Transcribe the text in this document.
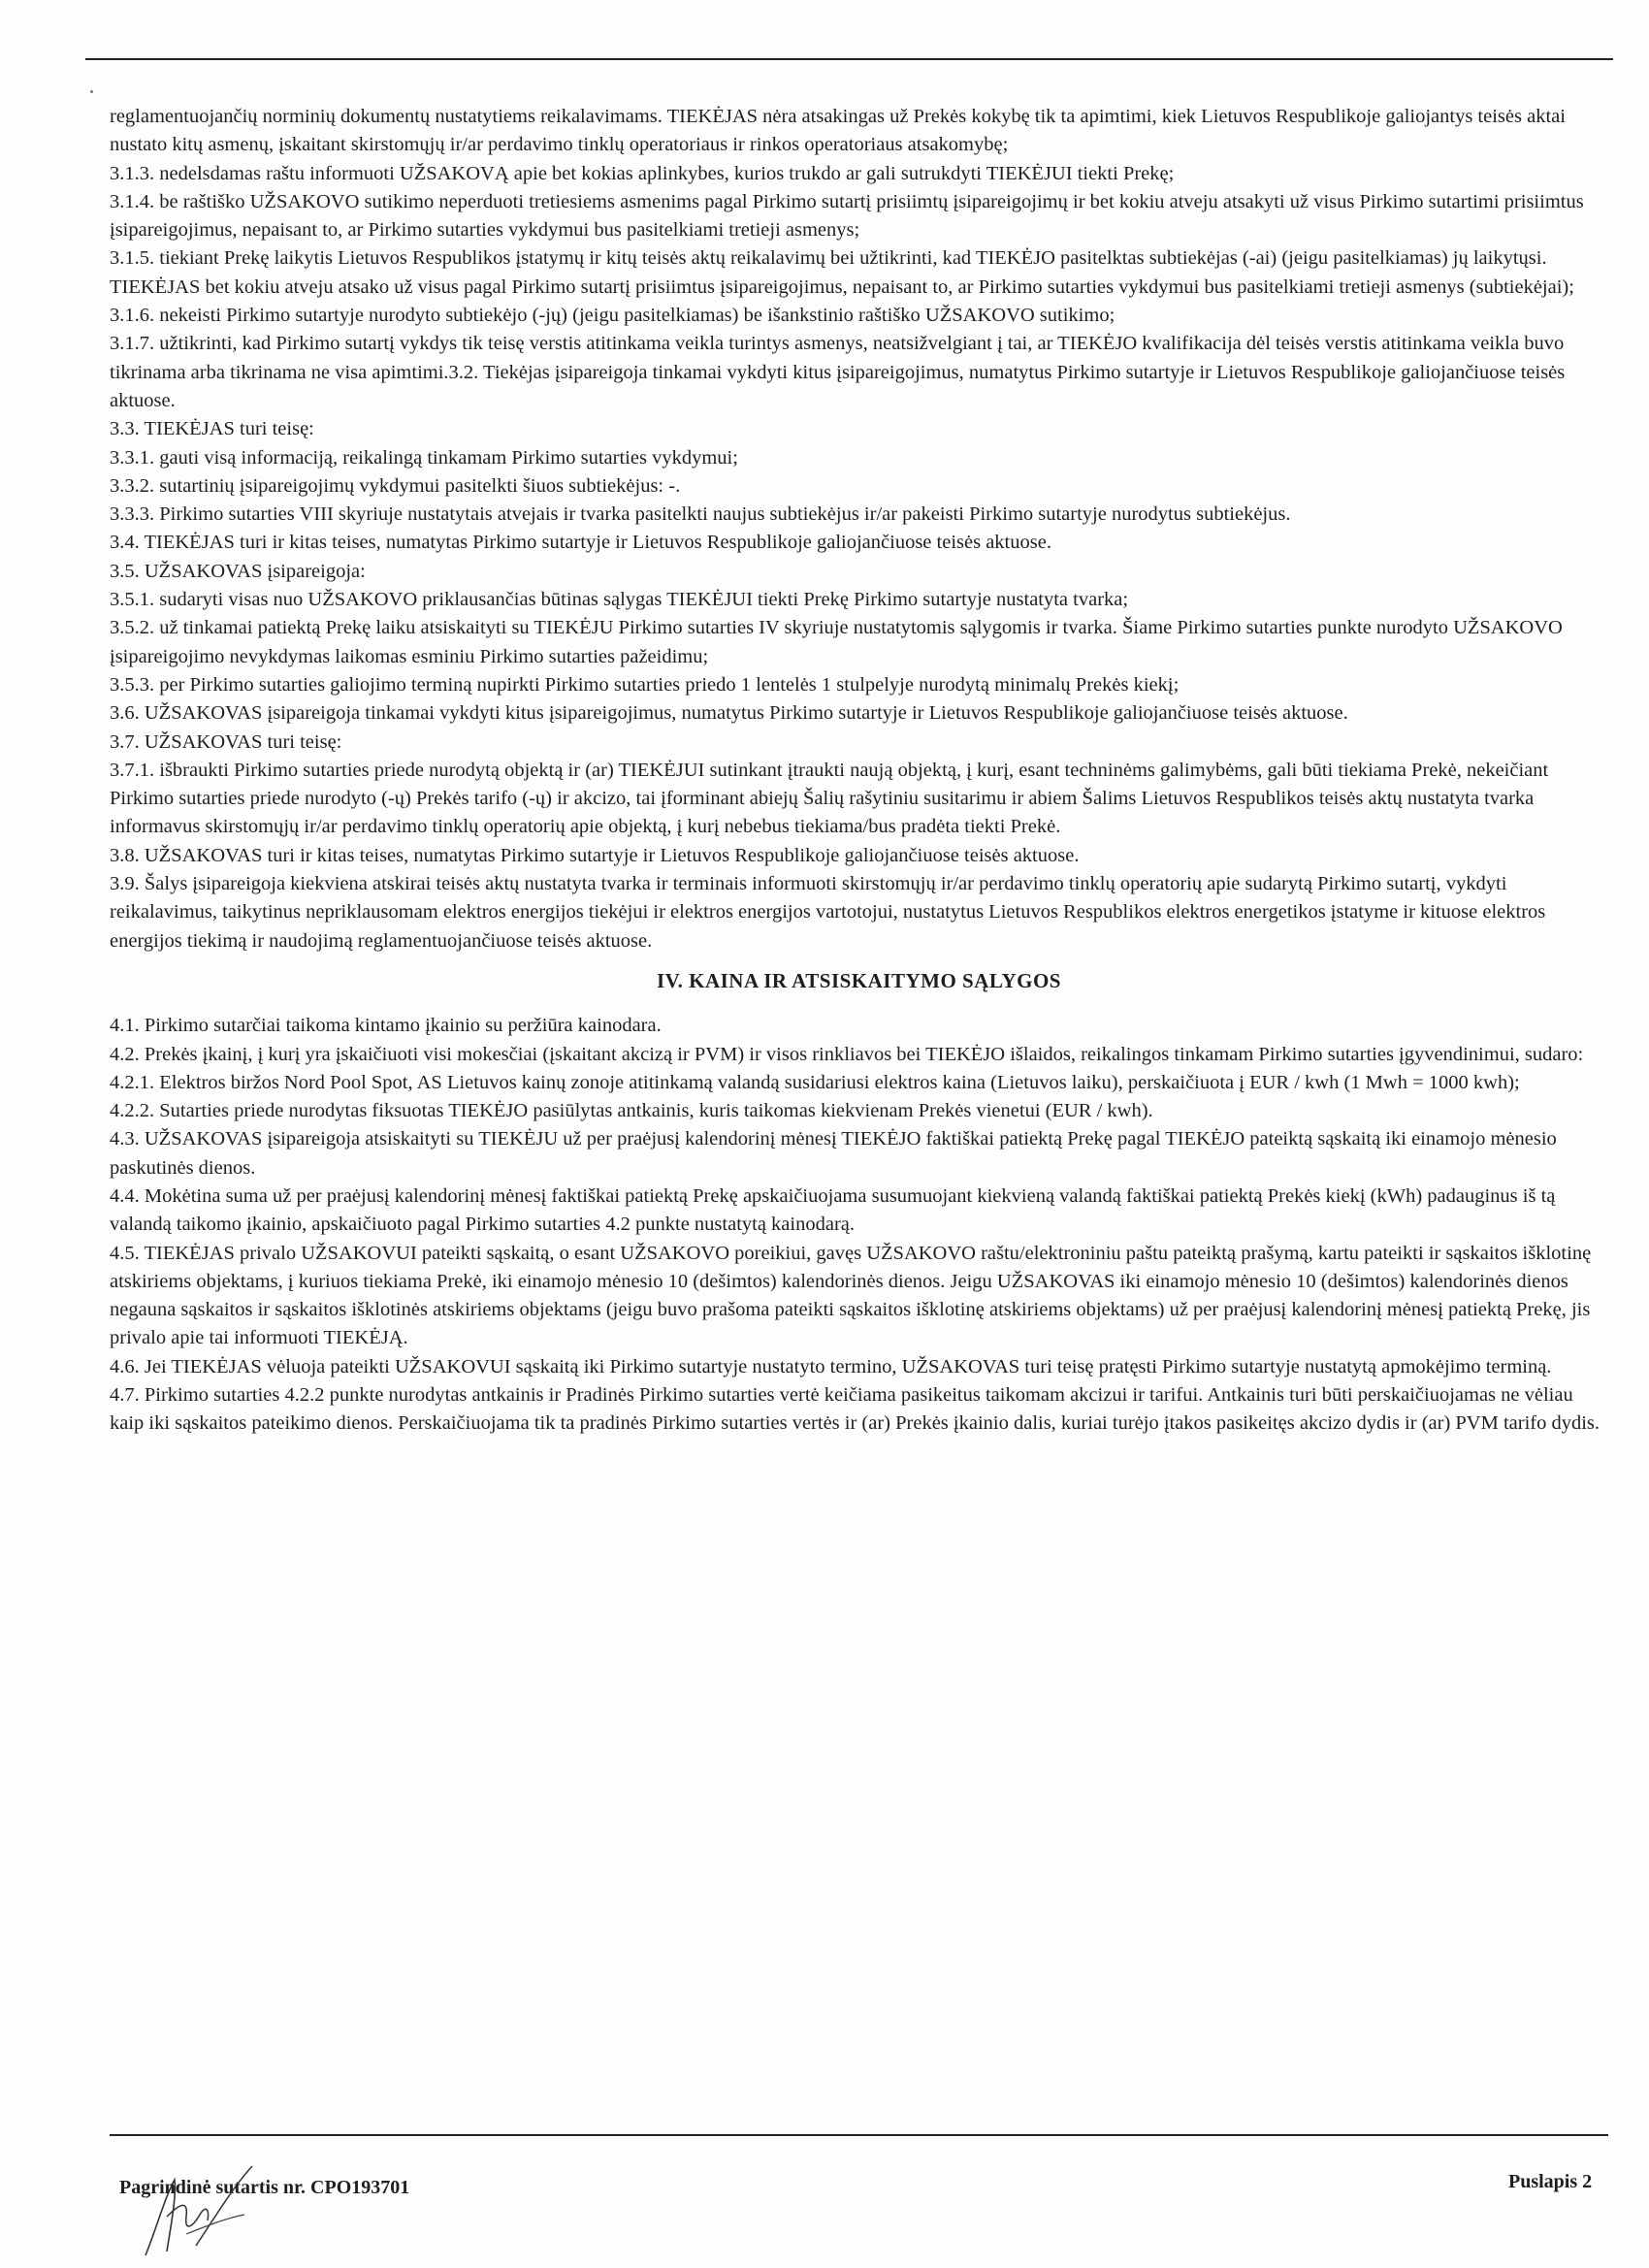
reglamentuojančių norminių dokumentų nustatytiems reikalavimams. TIEKĖJAS nėra atsakingas už Prekės kokybę tik ta apimtimi, kiek Lietuvos Respublikoje galiojantys teisės aktai nustato kitų asmenų, įskaitant skirstomųjų ir/ar perdavimo tinklų operatoriaus ir rinkos operatoriaus atsakomybę;

3.1.3. nedelsdamas raštu informuoti UŽSAKOVĄ apie bet kokias aplinkybes, kurios trukdo ar gali sutrukdyti TIEKĖJUI tiekti Prekę;

3.1.4. be raštiško UŽSAKOVO sutikimo neperduoti tretiesiems asmenims pagal Pirkimo sutartį prisiimtų įsipareigojimų ir bet kokiu atveju atsakyti už visus Pirkimo sutartimi prisiimtus įsipareigojimus, nepaisant to, ar Pirkimo sutarties vykdymui bus pasitelkiami tretieji asmenys;

3.1.5. tiekiant Prekę laikytis Lietuvos Respublikos įstatymų ir kitų teisės aktų reikalavimų bei užtikrinti, kad TIEKĖJO pasitelktas subtiekėjas (-ai) (jeigu pasitelkiamas) jų laikytųsi. TIEKĖJAS bet kokiu atveju atsako už visus pagal Pirkimo sutartį prisiimtus įsipareigojimus, nepaisant to, ar Pirkimo sutarties vykdymui bus pasitelkiami tretieji asmenys (subtiekėjai);

3.1.6. nekeisti Pirkimo sutartyje nurodyto subtiekėjo (-jų) (jeigu pasitelkiamas) be išankstinio raštiško UŽSAKOVO sutikimo;

3.1.7. užtikrinti, kad Pirkimo sutartį vykdys tik teisę verstis atitinkama veikla turintys asmenys, neatsižvelgiant į tai, ar TIEKĖJO kvalifikacija dėl teisės verstis atitinkama veikla buvo tikrinama arba tikrinama ne visa apimtimi.3.2. Tiekėjas įsipareigoja tinkamai vykdyti kitus įsipareigojimus, numatytus Pirkimo sutartyje ir Lietuvos Respublikoje galiojančiuose teisės aktuose.

3.3. TIEKĖJAS turi teisę:

3.3.1. gauti visą informaciją, reikalingą tinkamam Pirkimo sutarties vykdymui;

3.3.2. sutartinių įsipareigojimų vykdymui pasitelkti šiuos subtiekėjus: -.

3.3.3. Pirkimo sutarties VIII skyriuje nustatytais atvejais ir tvarka pasitelkti naujus subtiekėjus ir/ar pakeisti Pirkimo sutartyje nurodytus subtiekėjus.

3.4. TIEKĖJAS turi ir kitas teises, numatytas Pirkimo sutartyje ir Lietuvos Respublikoje galiojančiuose teisės aktuose.

3.5. UŽSAKOVAS įsipareigoja:

3.5.1. sudaryti visas nuo UŽSAKOVO priklausančias būtinas sąlygas TIEKĖJUI tiekti Prekę Pirkimo sutartyje nustatyta tvarka;

3.5.2. už tinkamai patiektą Prekę laiku atsiskaityti su TIEKĖJU Pirkimo sutarties IV skyriuje nustatytomis sąlygomis ir tvarka. Šiame Pirkimo sutarties punkte nurodyto UŽSAKOVO įsipareigojimo nevykdymas laikomas esminiu Pirkimo sutarties pažeidimu;

3.5.3. per Pirkimo sutarties galiojimo terminą nupirkti Pirkimo sutarties priedo 1 lentelės 1 stulpelyje nurodytą minimalų Prekės kiekį;

3.6. UŽSAKOVAS įsipareigoja tinkamai vykdyti kitus įsipareigojimus, numatytus Pirkimo sutartyje ir Lietuvos Respublikoje galiojančiuose teisės aktuose.

3.7. UŽSAKOVAS turi teisę:

3.7.1. išbraukti Pirkimo sutarties priede nurodytą objektą ir (ar) TIEKĖJUI sutinkant įtraukti naują objektą, į kurį, esant techninėms galimybėms, gali būti tiekiama Prekė, nekeičiant Pirkimo sutarties priede nurodyto (-ų) Prekės tarifo (-ų) ir akcizo, tai įforminant abiejų Šalių rašytiniu susitarimu ir abiem Šalims Lietuvos Respublikos teisės aktų nustatyta tvarka informavus skirstomųjų ir/ar perdavimo tinklų operatorių apie objektą, į kurį nebebus tiekiama/bus pradėta tiekti Prekė.

3.8. UŽSAKOVAS turi ir kitas teises, numatytas Pirkimo sutartyje ir Lietuvos Respublikoje galiojančiuose teisės aktuose.

3.9. Šalys įsipareigoja kiekviena atskirai teisės aktų nustatyta tvarka ir terminais informuoti skirstomųjų ir/ar perdavimo tinklų operatorių apie sudarytą Pirkimo sutartį, vykdyti reikalavimus, taikytinus nepriklausomam elektros energijos tiekėjui ir elektros energijos vartotojui, nustatytus Lietuvos Respublikos elektros energetikos įstatyme ir kituose elektros energijos tiekimą ir naudojimą reglamentuojančiuose teisės aktuose.

IV. KAINA IR ATSISKAITYMO SĄLYGOS

4.1. Pirkimo sutarčiai taikoma kintamo įkainio su peržiūra kainodara.

4.2. Prekės įkainį, į kurį yra įskaičiuoti visi mokesčiai (įskaitant akcizą ir PVM) ir visos rinkliavos bei TIEKĖJO išlaidos, reikalingos tinkamam Pirkimo sutarties įgyvendinimui, sudaro:

4.2.1. Elektros biržos Nord Pool Spot, AS Lietuvos kainų zonoje atitinkamą valandą susidariusi elektros kaina (Lietuvos laiku), perskaičiuota į EUR / kwh (1 Mwh = 1000 kwh);

4.2.2. Sutarties priede nurodytas fiksuotas TIEKĖJO pasiūlytas antkainis, kuris taikomas kiekvienam Prekės vienetui (EUR / kwh).

4.3. UŽSAKOVAS įsipareigoja atsiskaityti su TIEKĖJU už per praėjusį kalendorinį mėnesį TIEKĖJO faktiškai patiektą Prekę pagal TIEKĖJO pateiktą sąskaitą iki einamojo mėnesio paskutinės dienos.

4.4. Mokėtina suma už per praėjusį kalendorinį mėnesį faktiškai patiektą Prekę apskaičiuojama susumuojant kiekvieną valandą faktiškai patiektą Prekės kiekį (kWh) padauginus iš tą valandą taikomo įkainio, apskaičiuoto pagal Pirkimo sutarties 4.2 punkte nustatytą kainodarą.

4.5. TIEKĖJAS privalo UŽSAKOVUI pateikti sąskaitą, o esant UŽSAKOVO poreikiui, gavęs UŽSAKOVO raštu/elektroniniu paštu pateiktą prašymą, kartu pateikti ir sąskaitos išklotinę atskiriems objektams, į kuriuos tiekiama Prekė, iki einamojo mėnesio 10 (dešimtos) kalendorinės dienos. Jeigu UŽSAKOVAS iki einamojo mėnesio 10 (dešimtos) kalendorinės dienos negauna sąskaitos ir sąskaitos išklotinės atskiriems objektams (jeigu buvo prašoma pateikti sąskaitos išklotinę atskiriems objektams) už per praėjusį kalendorinį mėnesį patiektą Prekę, jis privalo apie tai informuoti TIEKĖJĄ.

4.6. Jei TIEKĖJAS vėluoja pateikti UŽSAKOVUI sąskaitą iki Pirkimo sutartyje nustatyto termino, UŽSAKOVAS turi teisę pratęsti Pirkimo sutartyje nustatytą apmokėjimo terminą.

4.7. Pirkimo sutarties 4.2.2 punkte nurodytas antkainis ir Pradinės Pirkimo sutarties vertė keičiama pasikeitus taikomam akcizui ir tarifui. Antkainis turi būti perskaičiuojamas ne vėliau kaip iki sąskaitos pateikimo dienos. Perskaičiuojama tik ta pradinės Pirkimo sutarties vertės ir (ar) Prekės įkainio dalis, kuriai turėjo įtakos pasikeitęs akcizo dydis ir (ar) PVM tarifo dydis.

Pagrindinė sutartis nr. CPO193701	Puslapis 2
